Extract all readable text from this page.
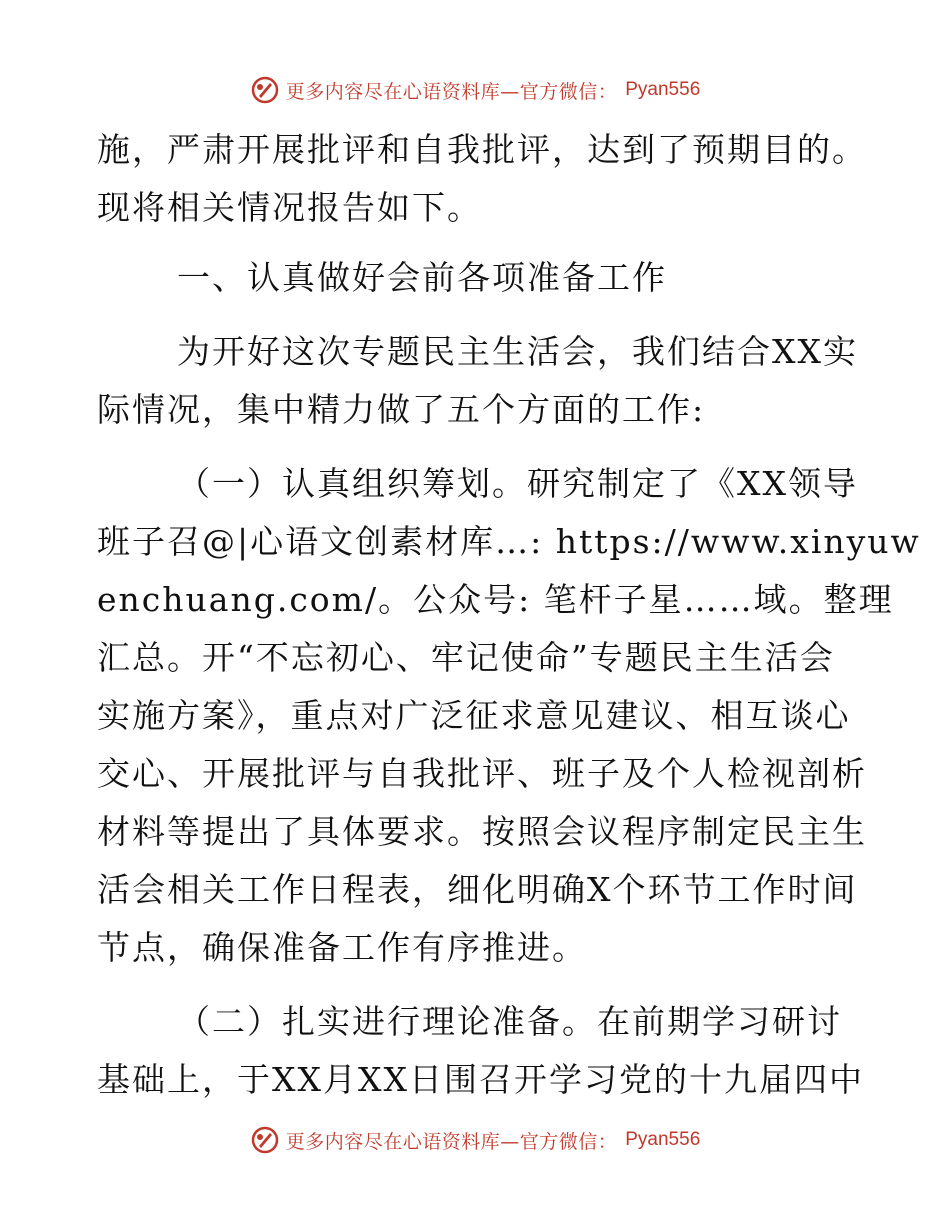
更多内容尽在心语资料库—官方微信： Pyan556
施，严肃开展批评和自我批评，达到了预期目的。
现将相关情况报告如下。
一、认真做好会前各项准备工作
为开好这次专题民主生活会，我们结合XX实
际情况，集中精力做了五个方面的工作:
（一）认真组织筹划。研究制定了《XX领导
班子召@|心语文创素材库…: https://www.xinyuw
enchuang.com/。公众号: 笔杆子星……域。整理
汇总。开“不忘初心、牢记使命”专题民主生活会
实施方案》，重点对广泛征求意见建议、相互谈心
交心、开展批评与自我批评、班子及个人检视剖析
材料等提出了具体要求。按照会议程序制定民主生
活会相关工作日程表，细化明确X个环节工作时间
节点，确保准备工作有序推进。
（二）扎实进行理论准备。在前期学习研讨
基础上，于XX月XX日围召开学习党的十九届四中
更多内容尽在心语资料库—官方微信： Pyan556
